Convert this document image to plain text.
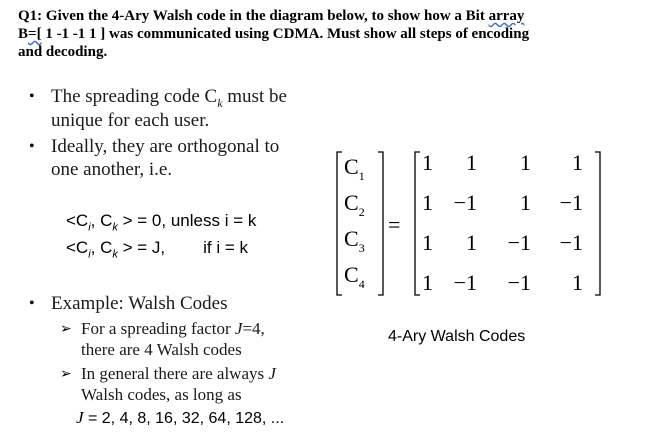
Q1: Given the 4-Ary Walsh code in the diagram below, to show how a Bit array
B=[ 1 -1 -1 1 ] was communicated using CDMA. Must show all steps of encoding
and decoding.
• The spreading code $C_k$ must be
unique for each user.
• Ideally, they are orthogonal to
one another, i.e.
$<C_i$, $C_k$ > = 0, unless i = k
$<C_i$, $C_k$ > = J, if i = k
• Example: Walsh Codes
➢ For a spreading factor J=4,
there are 4 Walsh codes
➢ In general there are always J
Walsh codes, as long as
J = 2, 4, 8, 16, 32, 64, 128, ...
$C_1$
$C_2$
$C_3$
$C_4$
=
1 1 1 1
1 −1 1 −1
1 1 −1 −1
1 −1 −1 1
4-Ary Walsh Codes
